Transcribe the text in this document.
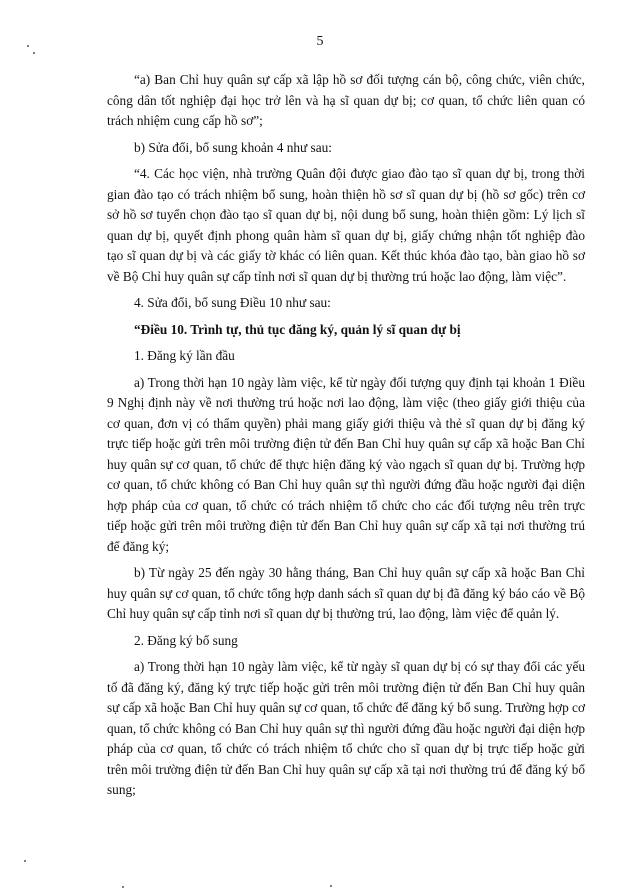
5

“a) Ban Chỉ huy quân sự cấp xã lập hồ sơ đối tượng cán bộ, công chức, viên chức, công dân tốt nghiệp đại học trở lên và hạ sĩ quan dự bị; cơ quan, tổ chức liên quan có trách nhiệm cung cấp hồ sơ”;

b) Sửa đổi, bổ sung khoản 4 như sau:

“4. Các học viện, nhà trường Quân đội được giao đào tạo sĩ quan dự bị, trong thời gian đào tạo có trách nhiệm bổ sung, hoàn thiện hồ sơ sĩ quan dự bị (hồ sơ gốc) trên cơ sở hồ sơ tuyển chọn đào tạo sĩ quan dự bị, nội dung bổ sung, hoàn thiện gồm: Lý lịch sĩ quan dự bị, quyết định phong quân hàm sĩ quan dự bị, giấy chứng nhận tốt nghiệp đào tạo sĩ quan dự bị và các giấy tờ khác có liên quan. Kết thúc khóa đào tạo, bàn giao hồ sơ về Bộ Chỉ huy quân sự cấp tỉnh nơi sĩ quan dự bị thường trú hoặc lao động, làm việc”.

4. Sửa đổi, bổ sung Điều 10 như sau:

“Điều 10. Trình tự, thủ tục đăng ký, quản lý sĩ quan dự bị

1. Đăng ký lần đầu

a) Trong thời hạn 10 ngày làm việc, kể từ ngày đối tượng quy định tại khoản 1 Điều 9 Nghị định này về nơi thường trú hoặc nơi lao động, làm việc (theo giấy giới thiệu của cơ quan, đơn vị có thẩm quyền) phải mang giấy giới thiệu và thẻ sĩ quan dự bị đăng ký trực tiếp hoặc gửi trên môi trường điện tử đến Ban Chỉ huy quân sự cấp xã hoặc Ban Chỉ huy quân sự cơ quan, tổ chức để thực hiện đăng ký vào ngạch sĩ quan dự bị. Trường hợp cơ quan, tổ chức không có Ban Chỉ huy quân sự thì người đứng đầu hoặc người đại diện hợp pháp của cơ quan, tổ chức có trách nhiệm tổ chức cho các đối tượng nêu trên trực tiếp hoặc gửi trên môi trường điện tử đến Ban Chỉ huy quân sự cấp xã tại nơi thường trú để đăng ký;

b) Từ ngày 25 đến ngày 30 hằng tháng, Ban Chỉ huy quân sự cấp xã hoặc Ban Chỉ huy quân sự cơ quan, tổ chức tổng hợp danh sách sĩ quan dự bị đã đăng ký báo cáo về Bộ Chỉ huy quân sự cấp tỉnh nơi sĩ quan dự bị thường trú, lao động, làm việc để quản lý.

2. Đăng ký bổ sung

a) Trong thời hạn 10 ngày làm việc, kể từ ngày sĩ quan dự bị có sự thay đổi các yếu tố đã đăng ký, đăng ký trực tiếp hoặc gửi trên môi trường điện tử đến Ban Chỉ huy quân sự cấp xã hoặc Ban Chỉ huy quân sự cơ quan, tổ chức để đăng ký bổ sung. Trường hợp cơ quan, tổ chức không có Ban Chỉ huy quân sự thì người đứng đầu hoặc người đại diện hợp pháp của cơ quan, tổ chức có trách nhiệm tổ chức cho sĩ quan dự bị trực tiếp hoặc gửi trên môi trường điện tử đến Ban Chỉ huy quân sự cấp xã tại nơi thường trú để đăng ký bổ sung;
